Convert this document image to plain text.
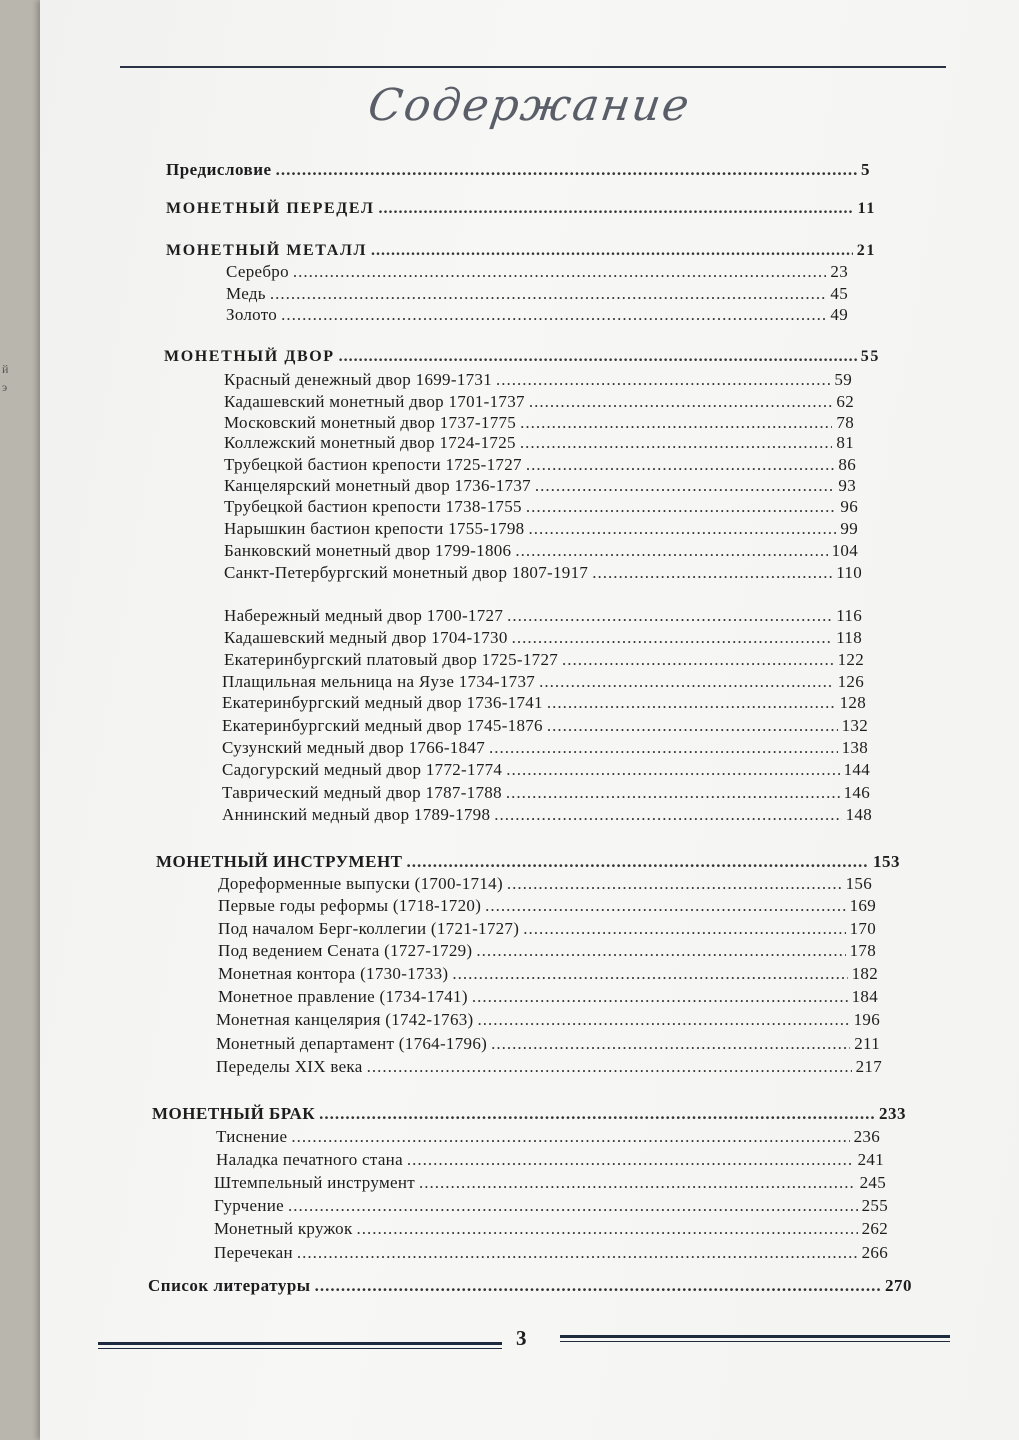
й
э
Содержание
Предисловие .....	5
МОНЕТНЫЙ ПЕРЕДЕЛ .....	11
МОНЕТНЫЙ МЕТАЛЛ .....	21
Серебро .....	23
Медь .....	45
Золото .....	49
МОНЕТНЫЙ ДВОР .....	55
Красный денежный двор 1699-1731 .....	59
Кадашевский монетный двор 1701-1737 .....	62
Московский монетный двор 1737-1775 .....	78
Коллежский монетный двор 1724-1725 .....	81
Трубецкой бастион крепости 1725-1727 .....	86
Канцелярский монетный двор 1736-1737 .....	93
Трубецкой бастион крепости 1738-1755 .....	96
Нарышкин бастион крепости 1755-1798 .....	99
Банковский монетный двор 1799-1806 .....	104
Санкт-Петербургский монетный двор 1807-1917 .....	110
Набережный медный двор 1700-1727 .....	116
Кадашевский медный двор 1704-1730 .....	118
Екатеринбургский платовый двор 1725-1727 .....	122
Плащильная мельница на Яузе 1734-1737 .....	126
Екатеринбургский медный двор 1736-1741 .....	128
Екатеринбургский медный двор 1745-1876 .....	132
Сузунский медный двор 1766-1847 .....	138
Садогурский медный двор 1772-1774 .....	144
Таврический медный двор 1787-1788 .....	146
Аннинский медный двор 1789-1798 .....	148
МОНЕТНЫЙ ИНСТРУМЕНТ .....	153
Дореформенные выпуски (1700-1714) .....	156
Первые годы реформы (1718-1720) .....	169
Под началом Берг-коллегии (1721-1727) .....	170
Под ведением Сената (1727-1729) .....	178
Монетная контора (1730-1733) .....	182
Монетное правление (1734-1741) .....	184
Монетная канцелярия (1742-1763) .....	196
Монетный департамент (1764-1796) .....	211
Переделы XIX века .....	217
МОНЕТНЫЙ БРАК .....	233
Тиснение .....	236
Наладка печатного стана .....	241
Штемпельный инструмент .....	245
Гурчение .....	255
Монетный кружок .....	262
Перечекан .....	266
Список литературы .....	270
3
